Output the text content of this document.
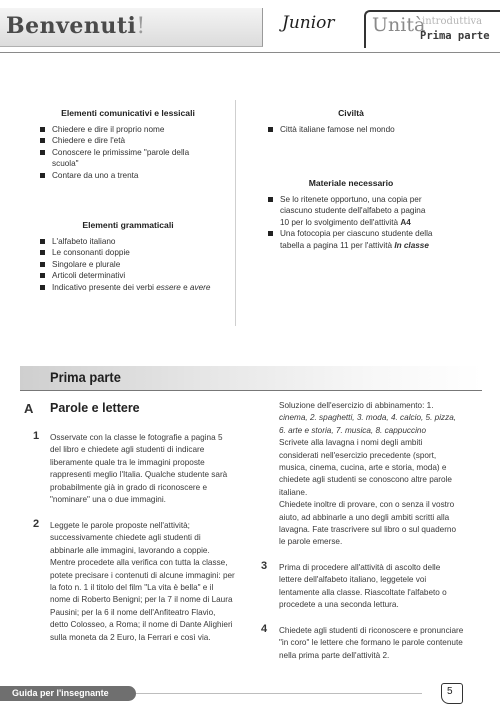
Benvenuti!	Junior Unità
introduttiva
Prima parte
Elementi comunicativi e lessicali
Chiedere e dire il proprio nome
Chiedere e dire l'età
Conoscere le primissime "parole della scuola"
Contare da uno a trenta
Elementi grammaticali
L'alfabeto italiano
Le consonanti doppie
Singolare e plurale
Articoli determinativi
Indicativo presente dei verbi essere e avere
Civiltà
Città italiane famose nel mondo
Materiale necessario
Se lo ritenete opportuno, una copia per ciascuno studente dell'alfabeto a pagina 10 per lo svolgimento dell'attività A4
Una fotocopia per ciascuno studente della tabella a pagina 11 per l'attività In classe
Prima parte
A Parole e lettere
1 Osservate con la classe le fotografie a pagina 5 del libro e chiedete agli studenti di indicare liberamente quale tra le immagini proposte rappresenti meglio l'Italia. Qualche studente sarà probabilmente già in grado di riconoscere e "nominare" una o due immagini.
2 Leggete le parole proposte nell'attività; successivamente chiedete agli studenti di abbinarle alle immagini, lavorando a coppie. Mentre procedete alla verifica con tutta la classe, potete precisare i contenuti di alcune immagini: per la foto n. 1 il titolo del film "La vita è bella" e il nome di Roberto Benigni; per la 7 il nome di Laura Pausini; per la 6 il nome dell'Anfiteatro Flavio, detto Colosseo, a Roma; il nome di Dante Alighieri sulla moneta da 2 Euro, la Ferrari e così via.
Soluzione dell'esercizio di abbinamento: 1. cinema, 2. spaghetti, 3. moda, 4. calcio, 5. pizza, 6. arte e storia, 7. musica, 8. cappuccino
Scrivete alla lavagna i nomi degli ambiti considerati nell'esercizio precedente (sport, musica, cinema, cucina, arte e storia, moda) e chiedete agli studenti se conoscono altre parole italiane.
Chiedete inoltre di provare, con o senza il vostro aiuto, ad abbinarle a uno degli ambiti scritti alla lavagna. Fate trascrivere sul libro o sul quaderno le parole emerse.
3 Prima di procedere all'attività di ascolto delle lettere dell'alfabeto italiano, leggetele voi lentamente alla classe. Riascoltate l'alfabeto o procedete a una seconda lettura.
4 Chiedete agli studenti di riconoscere e pronunciare "in coro" le lettere che formano le parole contenute nella prima parte dell'attività 2.
Guida per l'insegnante	5
